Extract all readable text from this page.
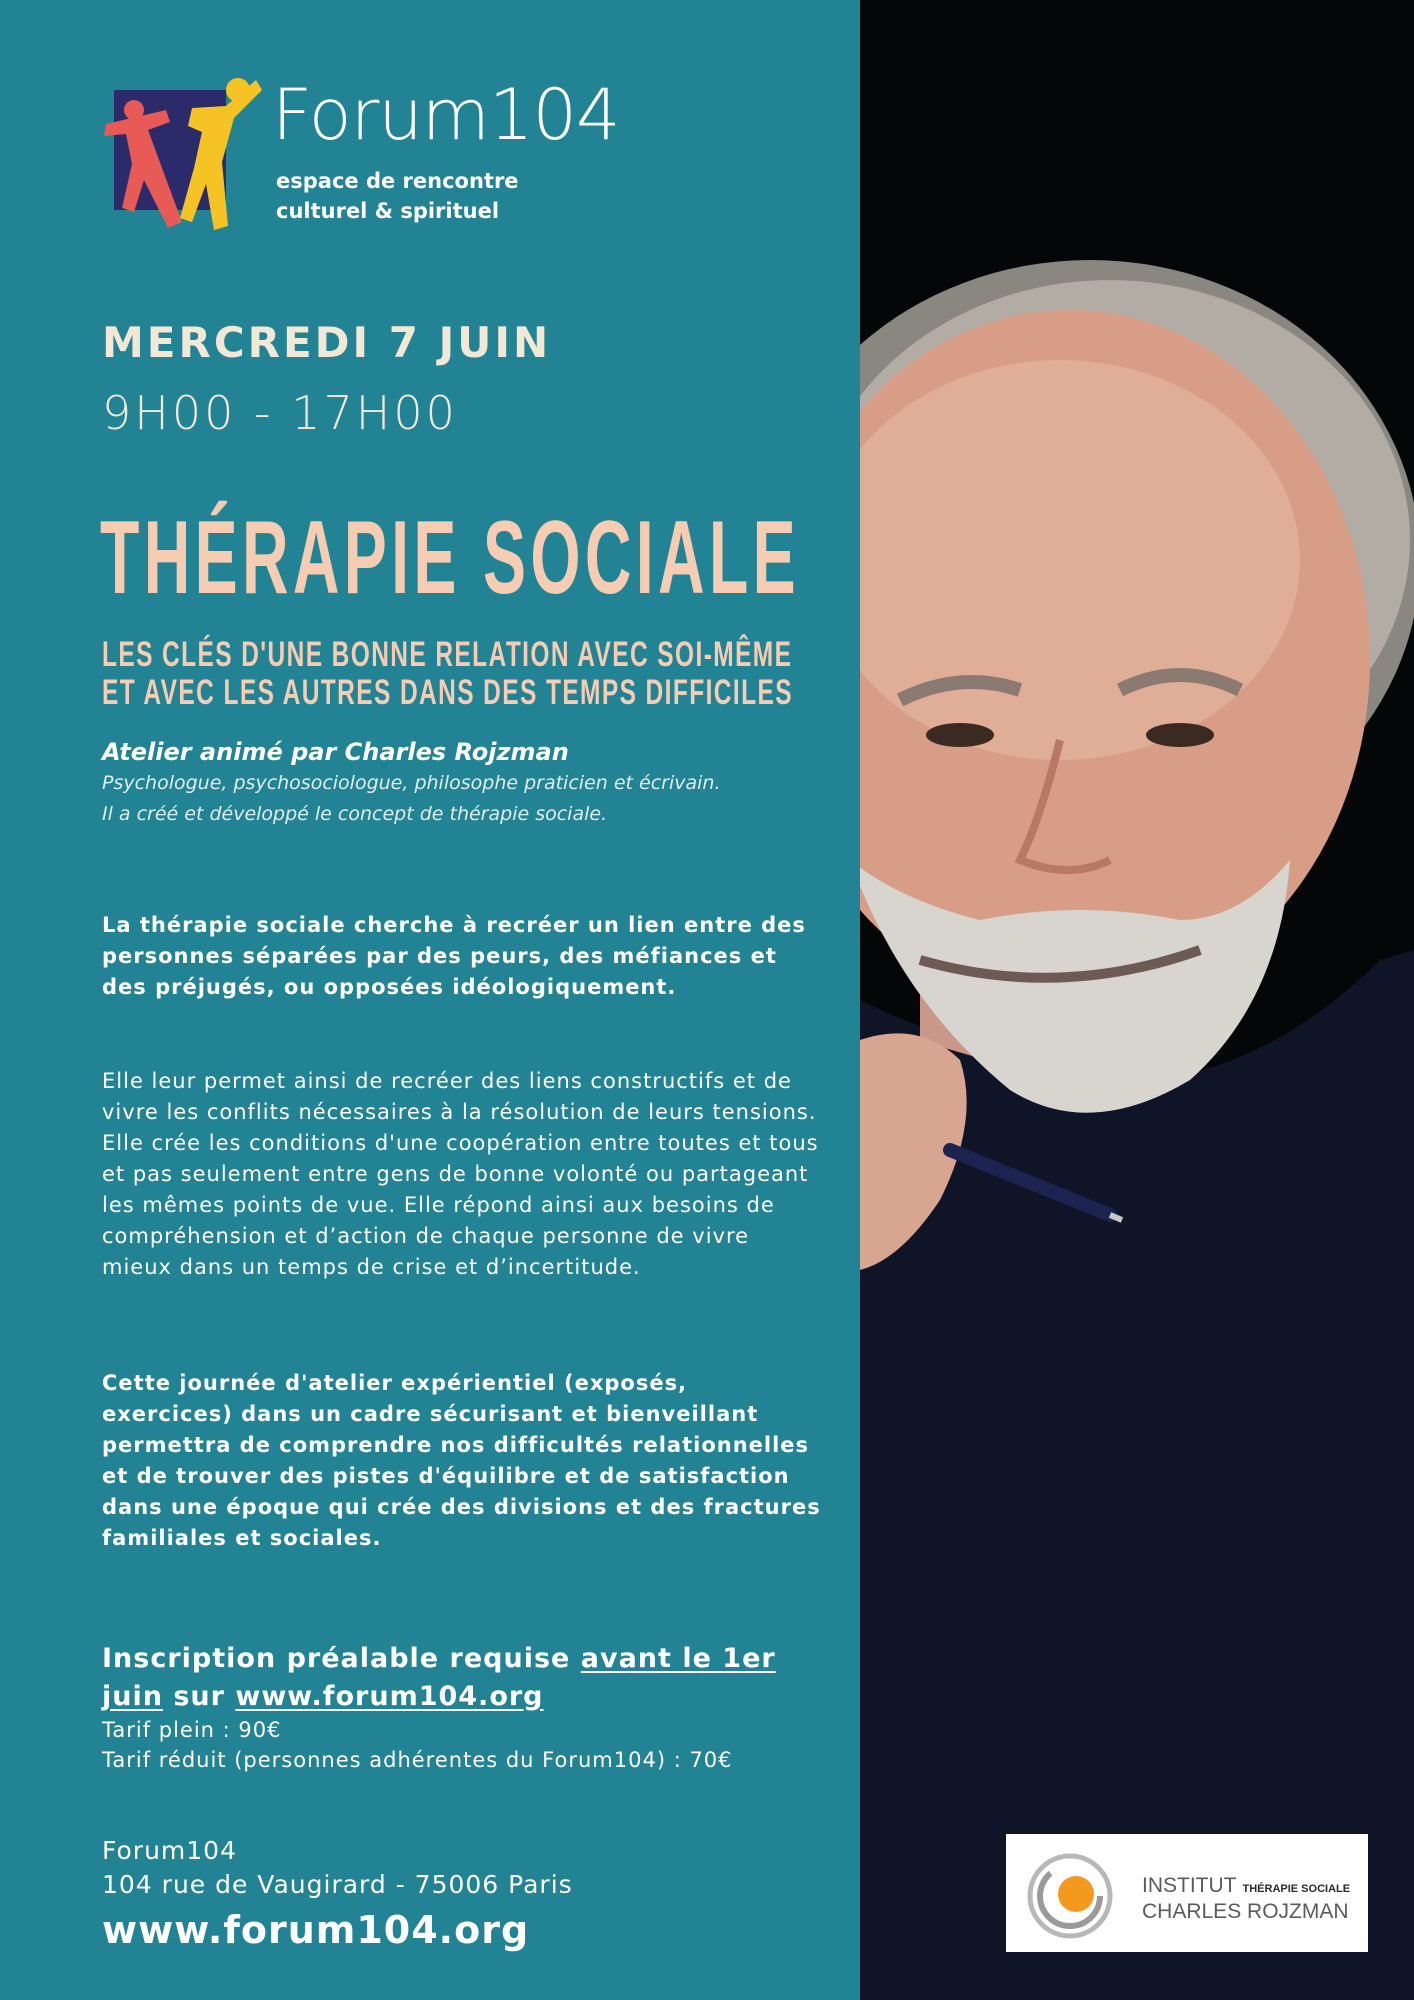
Forum104
espace de rencontre
culturel & spirituel
MERCREDI 7 JUIN
9H00 - 17H00
THÉRAPIE SOCIALE
LES CLÉS D'UNE BONNE RELATION AVEC SOI-MÊME
ET AVEC LES AUTRES DANS DES TEMPS DIFFICILES
Atelier animé par Charles Rojzman
Psychologue, psychosociologue, philosophe praticien et écrivain.
Il a créé et développé le concept de thérapie sociale.
La thérapie sociale cherche à recréer un lien entre des personnes séparées par des peurs, des méfiances et des préjugés, ou opposées idéologiquement.
Elle leur permet ainsi de recréer des liens constructifs et de vivre les conflits nécessaires à la résolution de leurs tensions.
Elle crée les conditions d'une coopération entre toutes et tous et pas seulement entre gens de bonne volonté ou partageant les mêmes points de vue. Elle répond ainsi aux besoins de compréhension et d’action de chaque personne de vivre mieux dans un temps de crise et d’incertitude.
Cette journée d'atelier expérientiel (exposés, exercices) dans un cadre sécurisant et bienveillant permettra de comprendre nos difficultés relationnelles et de trouver des pistes d'équilibre et de satisfaction dans une époque qui crée des divisions et des fractures familiales et sociales.
Inscription préalable requise avant le 1er juin sur www.forum104.org
Tarif plein : 90€
Tarif réduit (personnes adhérentes du Forum104) : 70€
Forum104
104 rue de Vaugirard - 75006 Paris
www.forum104.org
INSTITUT THÉRAPIE SOCIALE
CHARLES ROJZMAN
